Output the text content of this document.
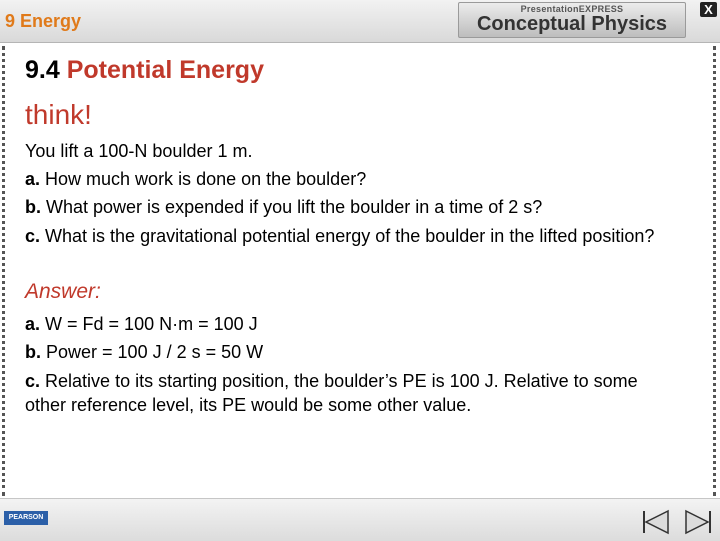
9 Energy
PresentationEXPRESS
Conceptual Physics
X
9.4 Potential Energy
think!
You lift a 100-N boulder 1 m.
a. How much work is done on the boulder?
b. What power is expended if you lift the boulder in a time of 2 s?
c. What is the gravitational potential energy of the boulder in the lifted position?
Answer:
a. W = Fd = 100 N·m = 100 J
b. Power = 100 J / 2 s = 50 W
c. Relative to its starting position, the boulder’s PE is 100 J. Relative to some other reference level, its PE would be some other value.
PEARSON
